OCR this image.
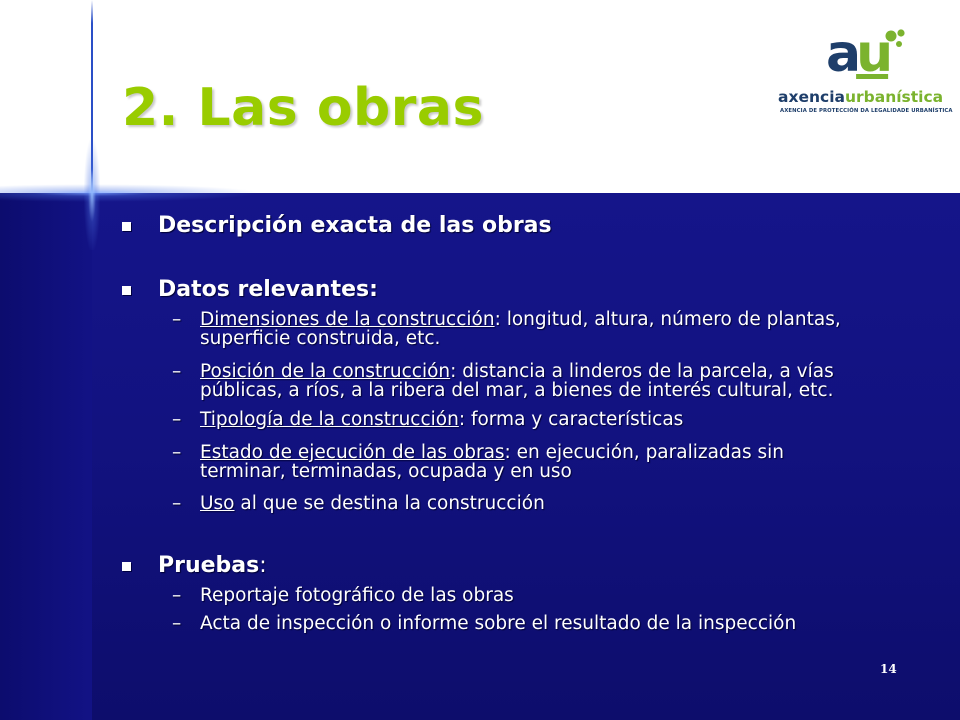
2. Las obras
au
axenciaurbanística
AXENCIA DE PROTECCIÓN DA LEGALIDADE URBANÍSTICA
Descripción exacta de las obras
Datos relevantes:
– Dimensiones de la construcción: longitud, altura, número de plantas,
superficie construida, etc.
– Posición de la construcción: distancia a linderos de la parcela, a vías
públicas, a ríos, a la ribera del mar, a bienes de interés cultural, etc.
– Tipología de la construcción: forma y características
– Estado de ejecución de las obras: en ejecución, paralizadas sin
terminar, terminadas, ocupada y en uso
– Uso al que se destina la construcción
Pruebas:
– Reportaje fotográfico de las obras
– Acta de inspección o informe sobre el resultado de la inspección
14
